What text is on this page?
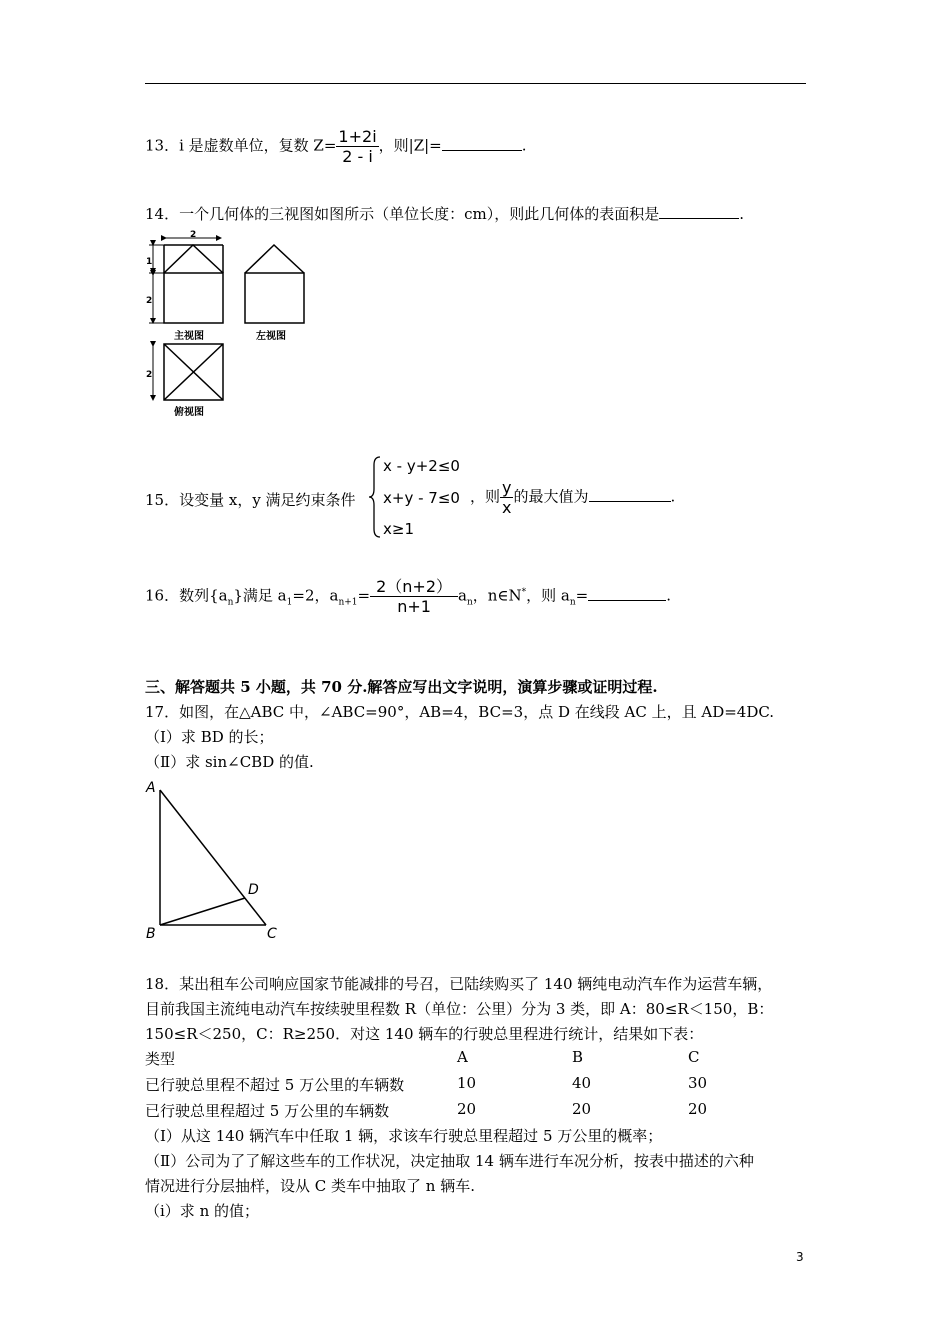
13．i 是虚数单位，复数 $Z= \frac{1+2i}{2 - i}$ ，则|Z|=	.
14．一个几何体的三视图如图所示（单位长度：cm），则此几何体的表面积是	.
2
1
2
主视图	左视图
2
俯视图
15．设变量 x，y 满足约束条件
x - y+2≤0
x+y - 7≤0
x≥1
，则 $\frac{y}{x}$ 的最大值为	.
16．数列$\{a_n\}$满足 $a_1=2$，$a_{n+1}= \frac{2(n+2)}{n+1} a_n$，n∈N*，则 $a_n=$	.
三、解答题共 5 小题，共 70 分.解答应写出文字说明，演算步骤或证明过程.
17．如图，在△ABC 中，∠ABC=90°，AB=4，BC=3，点 D 在线段 AC 上，且 AD=4DC.
（Ⅰ）求 BD 的长；
（Ⅱ）求 sin∠CBD 的值.
A
B	C
D
18．某出租车公司响应国家节能减排的号召，已陆续购买了 140 辆纯电动汽车作为运营车辆，
目前我国主流纯电动汽车按续驶里程数 R（单位：公里）分为 3 类，即 A：80≤R＜150，B：
150≤R＜250，C：R≥250．对这 140 辆车的行驶总里程进行统计，结果如下表：
类型	A	B	C
已行驶总里程不超过 5 万公里的车辆数	10	40	30
已行驶总里程超过 5 万公里的车辆数	20	20	20
（Ⅰ）从这 140 辆汽车中任取 1 辆，求该车行驶总里程超过 5 万公里的概率；
（Ⅱ）公司为了了解这些车的工作状况，决定抽取 14 辆车进行车况分析，按表中描述的六种
情况进行分层抽样，设从 C 类车中抽取了 n 辆车.
（ⅰ）求 n 的值；
3
